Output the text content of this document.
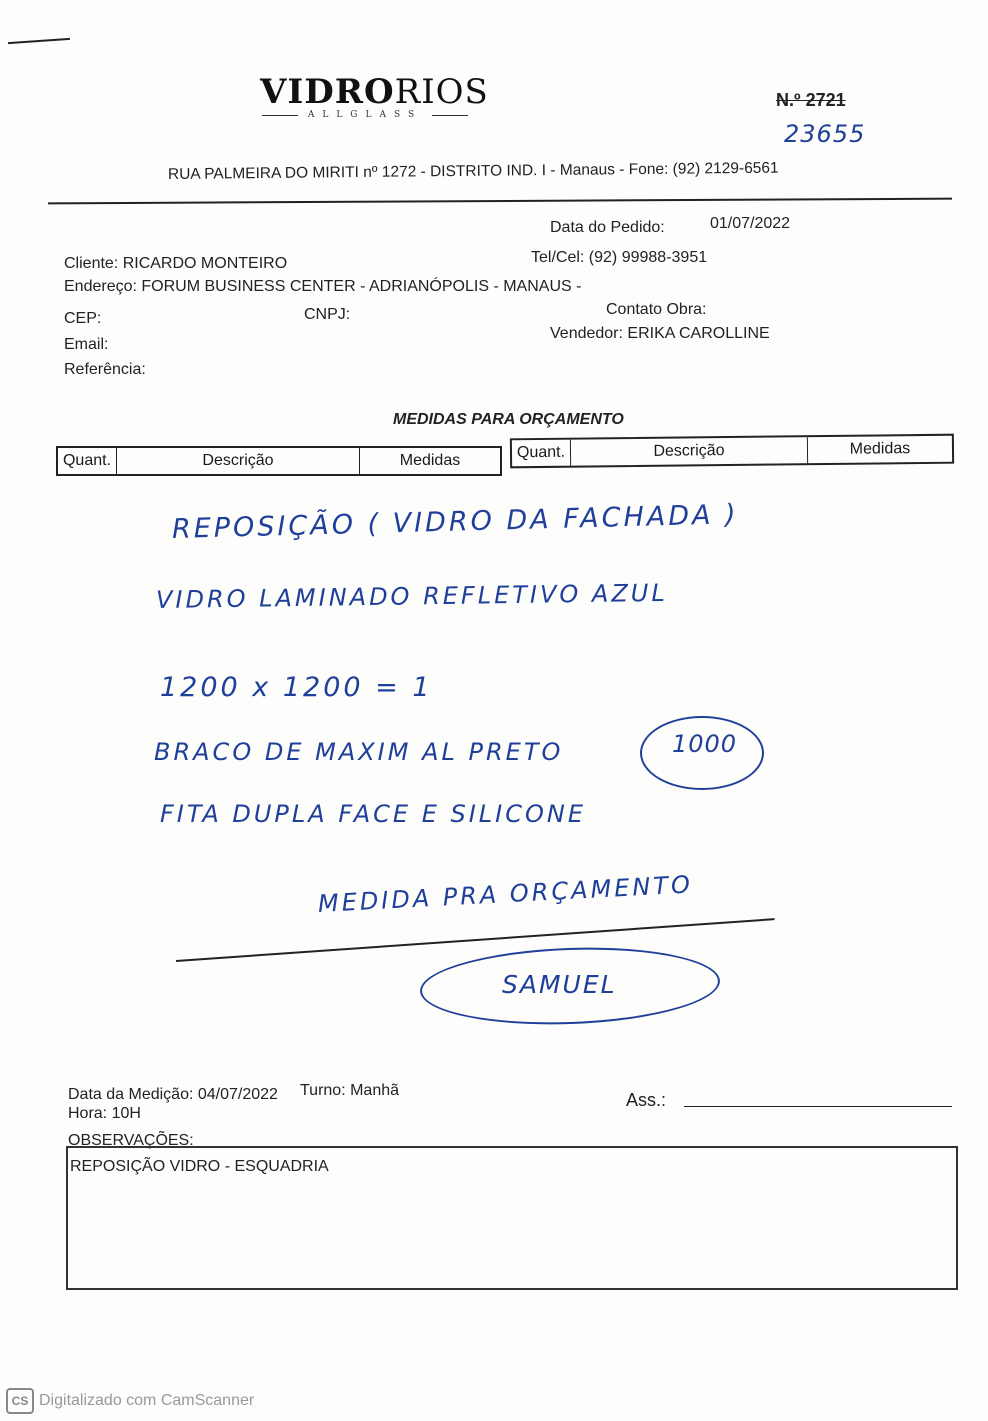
VIDRORIOS
ALLGLASS
N.º 2721
23655
RUA PALMEIRA DO MIRITI nº 1272 - DISTRITO IND. I - Manaus - Fone: (92) 2129-6561
Data do Pedido:	01/07/2022
Cliente: RICARDO MONTEIRO	Tel/Cel: (92) 99988-3951
Endereço: FORUM BUSINESS CENTER - ADRIANÓPOLIS - MANAUS -
CEP:	CNPJ:	Contato Obra:
Email:
Vendedor: ERIKA CAROLLINE
Referência:
MEDIDAS PARA ORÇAMENTO
Quant.	Descrição	Medidas	Quant.	Descrição	Medidas
REPOSIÇÃO ( VIDRO DA FACHADA )
VIDRO LAMINADO REFLETIVO AZUL
1200 x 1200 = 1
BRACO DE MAXIM AL PRETO	1000
FITA DUPLA FACE E SILICONE
MEDIDA PRA ORÇAMENTO
SAMUEL
Data da Medição: 04/07/2022 Turno: Manhã
Hora: 10H
Ass.:
OBSERVAÇÕES:
REPOSIÇÃO VIDRO - ESQUADRIA
CS Digitalizado com CamScanner
